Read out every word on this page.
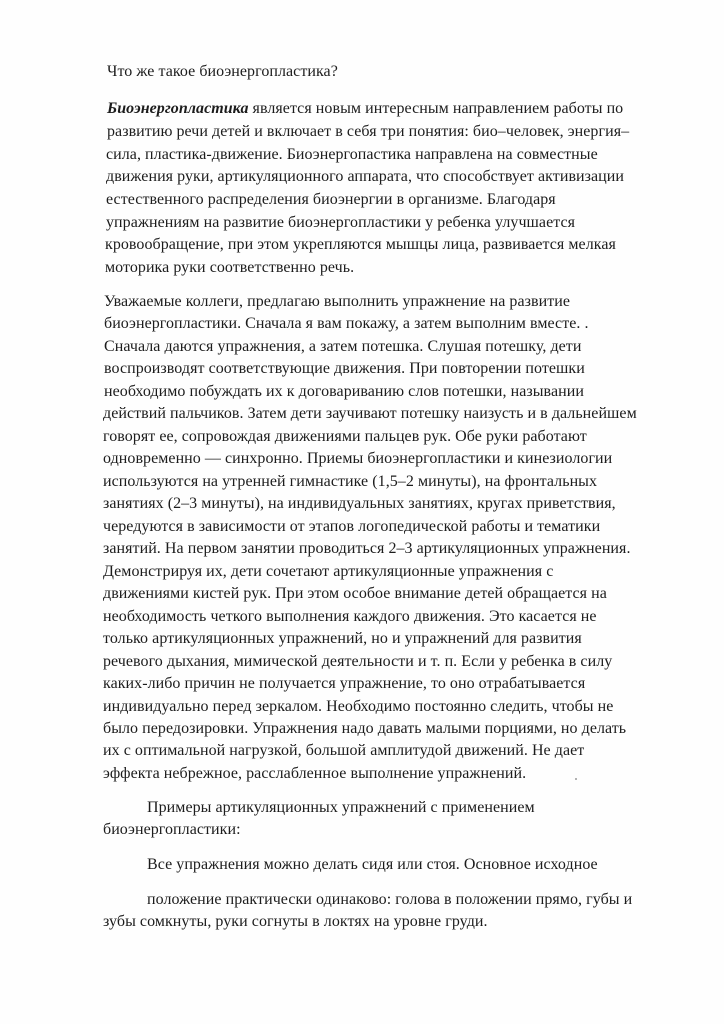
Что же такое биоэнергопластика?

Биоэнергопластика является новым интересным направлением работы по

развитию речи детей и включает в себя три понятия: био–человек, энергия–

сила, пластика-движение. Биоэнергопастика направлена на совместные

движения руки, артикуляционного аппарата, что способствует активизации

естественного распределения биоэнергии в организме. Благодаря

упражнениям на развитие биоэнергопластики у ребенка улучшается

кровообращение, при этом укрепляются мышцы лица, развивается мелкая

моторика руки соответственно речь.

Уважаемые коллеги, предлагаю выполнить упражнение на развитие

биоэнергопластики. Сначала я вам покажу, а затем выполним вместе. .

Сначала даются упражнения, а затем потешка. Слушая потешку, дети

воспроизводят соответствующие движения. При повторении потешки

необходимо побуждать их к договариванию слов потешки, назывании

действий пальчиков. Затем дети заучивают потешку наизусть и в дальнейшем

говорят ее, сопровождая движениями пальцев рук. Обе руки работают

одновременно — синхронно. Приемы биоэнергопластики и кинезиологии

используются на утренней гимнастике (1,5–2 минуты), на фронтальных

занятиях (2–3 минуты), на индивидуальных занятиях, кругах приветствия,

чередуются в зависимости от этапов логопедической работы и тематики

занятий. На первом занятии проводиться 2–3 артикуляционных упражнения.

Демонстрируя их, дети сочетают артикуляционные упражнения с

движениями кистей рук. При этом особое внимание детей обращается на

необходимость четкого выполнения каждого движения. Это касается не

только артикуляционных упражнений, но и упражнений для развития

речевого дыхания, мимической деятельности и т. п. Если у ребенка в силу

каких-либо причин не получается упражнение, то оно отрабатывается

индивидуально перед зеркалом. Необходимо постоянно следить, чтобы не

было передозировки. Упражнения надо давать малыми порциями, но делать

их с оптимальной нагрузкой, большой амплитудой движений. Не дает

эффекта небрежное, расслабленное выполнение упражнений.

Примеры артикуляционных упражнений с применением

биоэнергопластики:

Все упражнения можно делать сидя или стоя. Основное исходное

положение практически одинаково: голова в положении прямо, губы и

зубы сомкнуты, руки согнуты в локтях на уровне груди.
